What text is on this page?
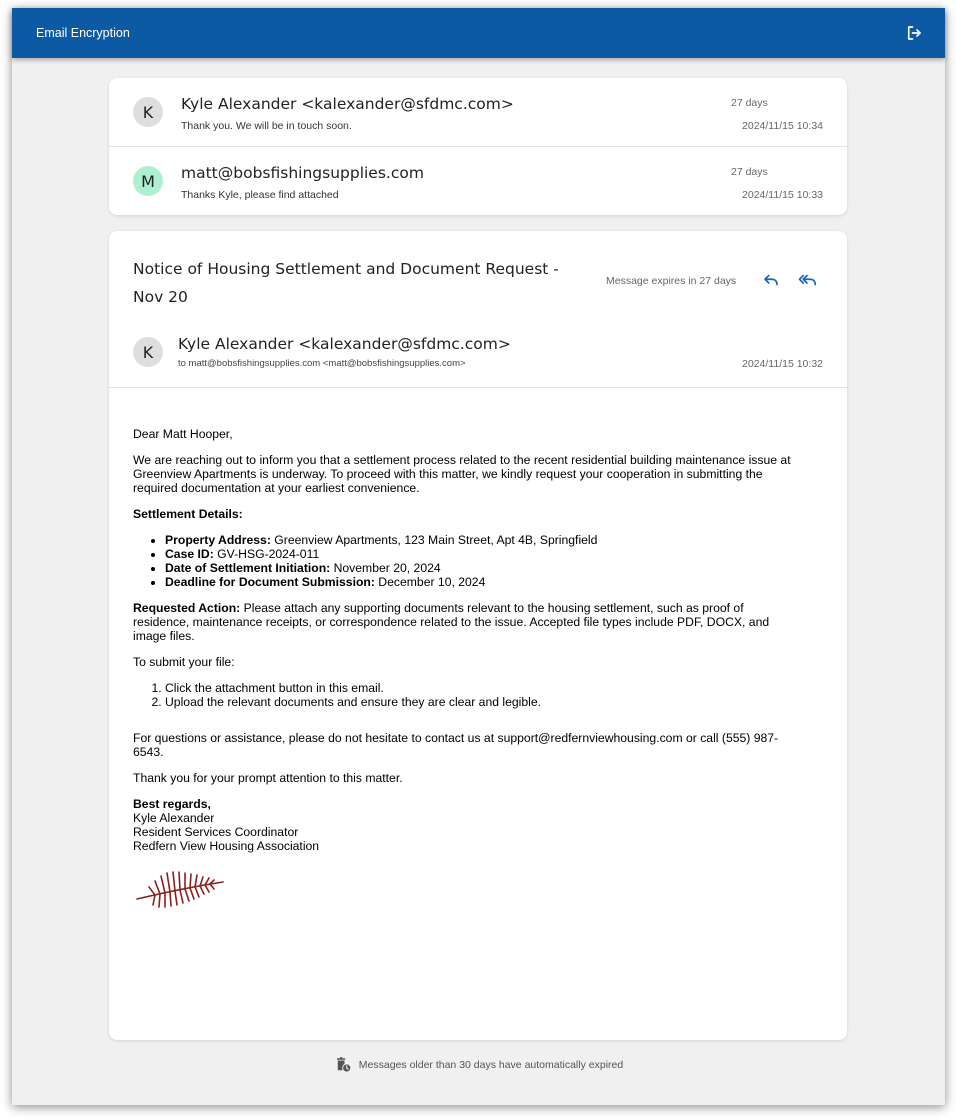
Email Encryption
K	Kyle Alexander <kalexander@sfdmc.com>
Thank you. We will be in touch soon.
27 days
2024/11/15 10:34
M	matt@bobsfishingsupplies.com
Thanks Kyle, please find attached
27 days
2024/11/15 10:33
Notice of Housing Settlement and Document Request - Nov 20
Message expires in 27 days
K	Kyle Alexander <kalexander@sfdmc.com>
to matt@bobsfishingsupplies.com <matt@bobsfishingsupplies.com>	2024/11/15 10:32

Dear Matt Hooper,

We are reaching out to inform you that a settlement process related to the recent residential building maintenance issue at Greenview Apartments is underway. To proceed with this matter, we kindly request your cooperation in submitting the required documentation at your earliest convenience.

Settlement Details:

• Property Address: Greenview Apartments, 123 Main Street, Apt 4B, Springfield
• Case ID: GV-HSG-2024-011
• Date of Settlement Initiation: November 20, 2024
• Deadline for Document Submission: December 10, 2024

Requested Action: Please attach any supporting documents relevant to the housing settlement, such as proof of residence, maintenance receipts, or correspondence related to the issue. Accepted file types include PDF, DOCX, and image files.

To submit your file:

1. Click the attachment button in this email.
2. Upload the relevant documents and ensure they are clear and legible.

For questions or assistance, please do not hesitate to contact us at support@redfernviewhousing.com or call (555) 987-6543.

Thank you for your prompt attention to this matter.

Best regards,
Kyle Alexander
Resident Services Coordinator
Redfern View Housing Association
Messages older than 30 days have automatically expired
